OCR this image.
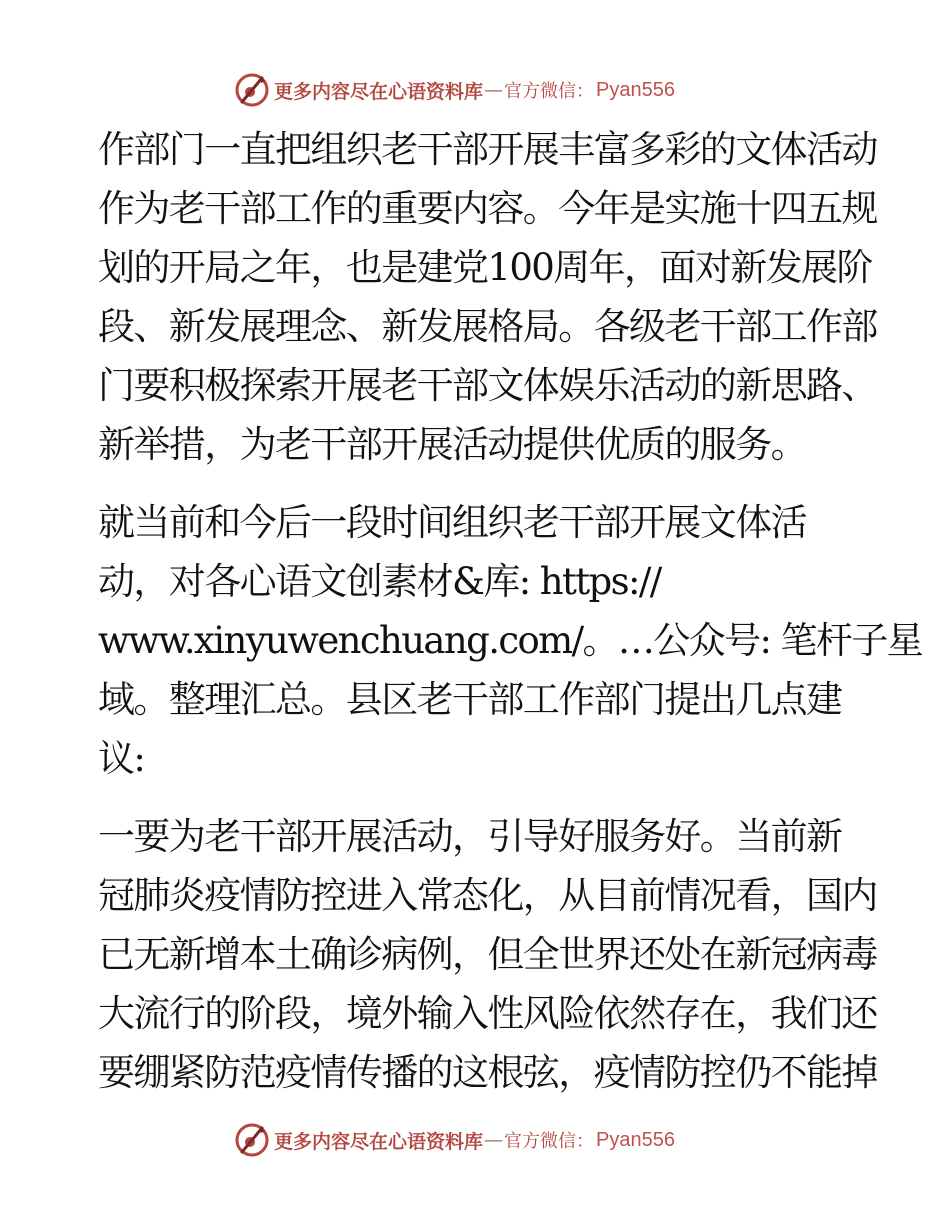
更多内容尽在心语资料库 — 官方微信： Pyan556
作部门一直把组织老干部开展丰富多彩的文体活动
作为老干部工作的重要内容。今年是实施十四五规
划的开局之年，也是建党100周年，面对新发展阶
段、新发展理念、新发展格局。各级老干部工作部
门要积极探索开展老干部文体娱乐活动的新思路、
新举措，为老干部开展活动提供优质的服务。
就当前和今后一段时间组织老干部开展文体活
动，对各心语文创素材&库: https://
www.xinyuwenchuang.com/。…公众号: 笔杆子星
域。整理汇总。县区老干部工作部门提出几点建
议:
一要为老干部开展活动，引导好服务好。当前新
冠肺炎疫情防控进入常态化，从目前情况看，国内
已无新增本土确诊病例，但全世界还处在新冠病毒
大流行的阶段，境外输入性风险依然存在，我们还
要绷紧防范疫情传播的这根弦，疫情防控仍不能掉
更多内容尽在心语资料库 — 官方微信： Pyan556
